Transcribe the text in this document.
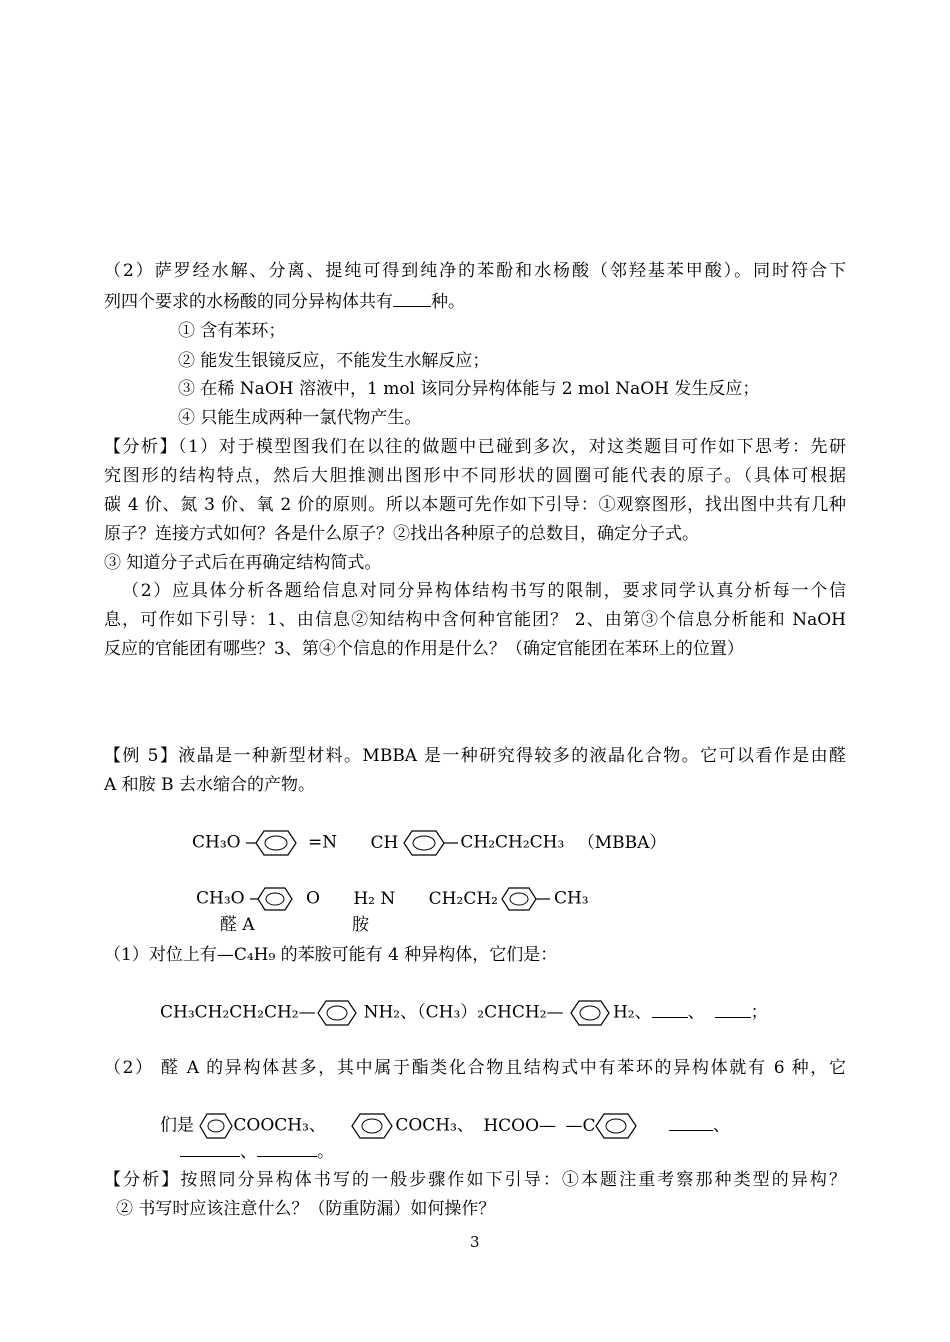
（2）萨罗经水解、分离、提纯可得到纯净的苯酚和水杨酸（邻羟基苯甲酸）。同时符合下
列四个要求的水杨酸的同分异构体共有 种。
① 含有苯环；
② 能发生银镜反应，不能发生水解反应；
③ 在稀 NaOH 溶液中，1 mol 该同分异构体能与 2 mol NaOH 发生反应；
④ 只能生成两种一氯代物产生。
【分析】（1）对于模型图我们在以往的做题中已碰到多次，对这类题目可作如下思考：先研
究图形的结构特点，然后大胆推测出图形中不同形状的圆圈可能代表的原子。（具体可根据
碳 4 价、氮 3 价、氧 2 价的原则。所以本题可先作如下引导：①观察图形，找出图中共有几种
原子？连接方式如何？各是什么原子？②找出各种原子的总数目，确定分子式。
③ 知道分子式后在再确定结构简式。
（2）应具体分析各题给信息对同分异构体结构书写的限制，要求同学认真分析每一个信
息，可作如下引导：1、由信息②知结构中含何种官能团？ 2、由第③个信息分析能和 NaOH
反应的官能团有哪些？3、第④个信息的作用是什么？（确定官能团在苯环上的位置）
【例 5】液晶是一种新型材料。MBBA 是一种研究得较多的液晶化合物。它可以看作是由醛
A 和胺 B 去水缩合的产物。
CH₃O	=N CH	CH₂CH₂CH₃ （MBBA）
CH₃O	O H₂ N CH₂CH₂	CH₃
醛 A	胺
（1）对位上有—C₄H₉ 的苯胺可能有 4 种异构体，它们是：
CH₃CH₂CH₂CH₂—	NH₂、（CH₃）₂CHCH₂—	H₂、 、	；
（2） 醛 A 的异构体甚多，其中属于酯类化合物且结构式中有苯环的异构体就有 6 种，它
们是 COOCH₃、	COCH₃、 HCOO— —C	、
、	。
【分析】按照同分异构体书写的一般步骤作如下引导：①本题注重考察那种类型的异构？
② 书写时应该注意什么？（防重防漏）如何操作？
3
